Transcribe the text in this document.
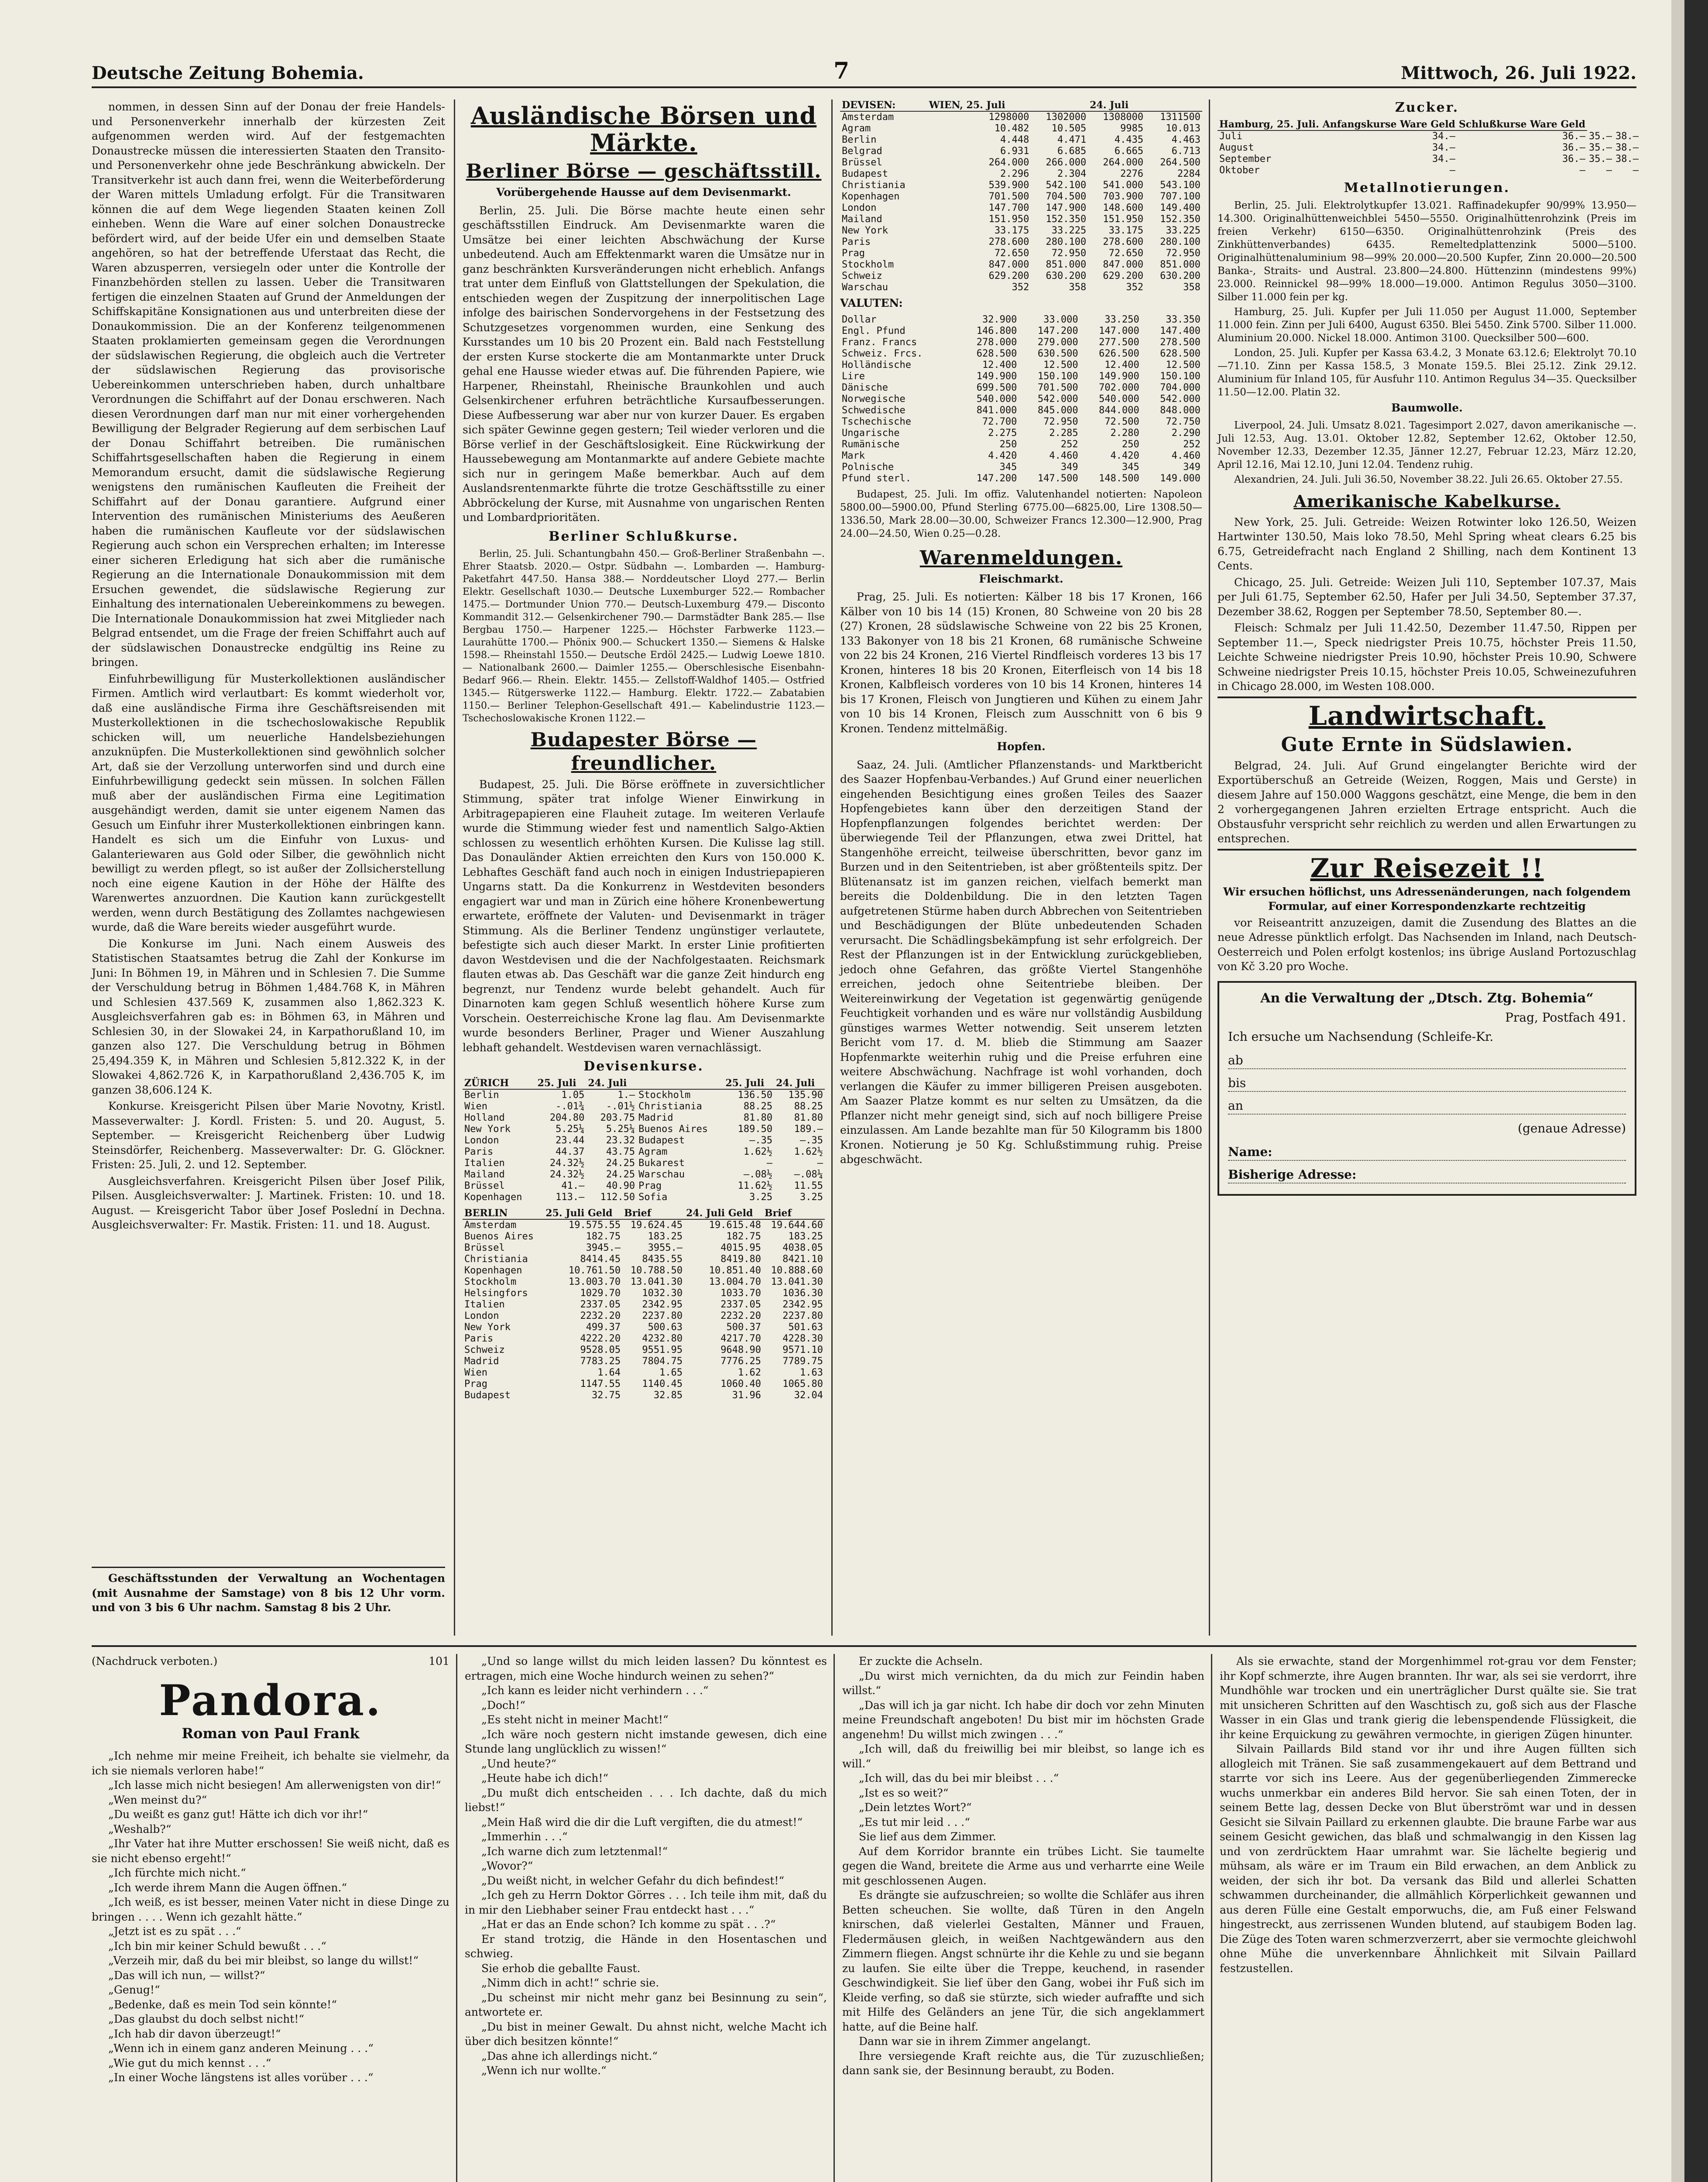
Deutsche Zeitung Bohemia.	7	Mittwoch, 26. Juli 1922.

nommen, in dessen Sinn auf der Donau der freie Handels- und Personenverkehr innerhalb der kürzesten Zeit aufgenommen werden wird. Auf der festgemachten Donaustrecke müssen die interessierten Staaten den Transito- und Personenverkehr ohne jede Beschränkung abwickeln. Der Transitverkehr ist auch dann frei, wenn die Weiterbeförderung der Waren mittels Umladung erfolgt. Für die Transitwaren können die auf dem Wege liegenden Staaten keinen Zoll einheben. Wenn die Ware auf einer solchen Donaustrecke befördert wird, auf der beide Ufer ein und demselben Staate angehören, so hat der betreffende Uferstaat das Recht, die Waren abzusperren, versiegeln oder unter die Kontrolle der Finanzbehörden stellen zu lassen. Ueber die Transitwaren fertigen die einzelnen Staaten auf Grund der Anmeldungen der Schiffskapitäne Konsignationen aus und unterbreiten diese der Donaukommission. Die an der Konferenz teilgenommenen Staaten proklamierten gemeinsam gegen die Verordnungen der südslawischen Regierung, die obgleich auch die Vertreter der südslawischen Regierung das provisorische Uebereinkommen unterschrieben haben, durch unhaltbare Verordnungen die Schiffahrt auf der Donau erschweren. Nach diesen Verordnungen darf man nur mit einer vorhergehenden Bewilligung der Belgrader Regierung auf dem serbischen Lauf der Donau Schiffahrt betreiben. Die rumänischen Schiffahrtsgesellschaften haben die Regierung in einem Memorandum ersucht, damit die südslawische Regierung wenigstens den rumänischen Kaufleuten die Freiheit der Schiffahrt auf der Donau garantiere. Aufgrund einer Intervention des rumänischen Ministeriums des Aeußeren haben die rumänischen Kaufleute vor der südslawischen Regierung auch schon ein Versprechen erhalten; im Interesse einer sicheren Erledigung hat sich aber die rumänische Regierung an die Internationale Donaukommission mit dem Ersuchen gewendet, die südslawische Regierung zur Einhaltung des internationalen Uebereinkommens zu bewegen. Die Internationale Donaukommission hat zwei Mitglieder nach Belgrad entsendet, um die Frage der freien Schiffahrt auch auf der südslawischen Donaustrecke endgültig ins Reine zu bringen.

Einfuhrbewilligung für Musterkollektionen ausländischer Firmen. Amtlich wird verlautbart: Es kommt wiederholt vor, daß eine ausländische Firma ihre Geschäftsreisenden mit Musterkollektionen in die tschechoslowakische Republik schicken will, um neuerliche Handelsbeziehungen anzuknüpfen. Die Musterkollektionen sind gewöhnlich solcher Art, daß sie der Verzollung unterworfen sind und durch eine Einfuhrbewilligung gedeckt sein müssen. In solchen Fällen muß aber der ausländischen Firma eine Legitimation ausgehändigt werden, damit sie unter eigenem Namen das Gesuch um Einfuhr ihrer Musterkollektionen einbringen kann. Handelt es sich um die Einfuhr von Luxus- und Galanteriewaren aus Gold oder Silber, die gewöhnlich nicht bewilligt zu werden pflegt, so ist außer der Zollsicherstellung noch eine eigene Kaution in der Höhe der Hälfte des Warenwertes anzuordnen. Die Kaution kann zurückgestellt werden, wenn durch Bestätigung des Zollamtes nachgewiesen wurde, daß die Ware bereits wieder ausgeführt wurde.

Die Konkurse im Juni. Nach einem Ausweis des Statistischen Staatsamtes betrug die Zahl der Konkurse im Juni: In Böhmen 19, in Mähren und in Schlesien 7. Die Summe der Verschuldung betrug in Böhmen 1,484.768 K, in Mähren und Schlesien 437.569 K, zusammen also 1,862.323 K. Ausgleichsverfahren gab es: in Böhmen 63, in Mähren und Schlesien 30, in der Slowakei 24, in Karpathorußland 10, im ganzen also 127. Die Verschuldung betrug in Böhmen 25,494.359 K, in Mähren und Schlesien 5,812.322 K, in der Slowakei 4,862.726 K, in Karpathorußland 2,436.705 K, im ganzen 38,606.124 K.

Konkurse. Kreisgericht Pilsen über Marie Novotny, Kristl. Masseverwalter: J. Kordl. Fristen: 5. und 20. August, 5. September. — Kreisgericht Reichenberg über Ludwig Steinsdörfer, Reichenberg. Masseverwalter: Dr. G. Glöckner. Fristen: 25. Juli, 2. und 12. September.

Ausgleichsverfahren. Kreisgericht Pilsen über Josef Pilik, Pilsen. Ausgleichsverwalter: J. Martinek. Fristen: 10. und 18. August. — Kreisgericht Tabor über Josef Poslední in Dechna. Ausgleichsverwalter: Fr. Mastik. Fristen: 11. und 18. August.

Geschäftsstunden der Verwaltung an Wochentagen (mit Ausnahme der Samstage) von 8 bis 12 Uhr vorm. und von 3 bis 6 Uhr nachm. Samstag 8 bis 2 Uhr.

Ausländische Börsen und Märkte.
Berliner Börse — geschäftsstill.
Vorübergehende Hausse auf dem Devisenmarkt.

Berlin, 25. Juli. Die Börse machte heute einen sehr geschäftsstillen Eindruck. Am Devisenmarkte waren die Umsätze bei einer leichten Abschwächung der Kurse unbedeutend. Auch am Effektenmarkt waren die Umsätze nur in ganz beschränkten Kursveränderungen nicht erheblich. Anfangs trat unter dem Einfluß von Glattstellungen der Spekulation, die entschieden wegen der Zuspitzung der innerpolitischen Lage infolge des bairischen Sondervorgehens in der Festsetzung des Schutzgesetzes vorgenommen wurden, eine Senkung des Kursstandes um 10 bis 20 Prozent ein. Bald nach Feststellung der ersten Kurse stockerte die am Montanmarkte unter Druck gehal ene Hausse wieder etwas auf. Die führenden Papiere, wie Harpener, Rheinstahl, Rheinische Braunkohlen und auch Gelsenkirchener erfuhren beträchtliche Kursaufbesserungen. Diese Aufbesserung war aber nur von kurzer Dauer. Es ergaben sich später Gewinne gegen gestern; Teil wieder verloren und die Börse verlief in der Geschäftslosigkeit. Eine Rückwirkung der Haussebewegung am Montanmarkte auf andere Gebiete machte sich nur in geringem Maße bemerkbar. Auch auf dem Auslandsrentenmarkte führte die trotze Geschäftsstille zu einer Abbröckelung der Kurse, mit Ausnahme von ungarischen Renten und Lombardprioritäten.

Berliner Schlußkurse.

Berlin, 25. Juli. Schantungbahn 450.— Groß-Berliner Straßenbahn —. Ehrer Staatsb. 2020.— Ostpr. Südbahn —. Lombarden —. Hamburg-Paketfahrt 447.50. Hansa 388.— Norddeutscher Lloyd 277.— Berlin Elektr. Gesellschaft 1030.— Deutsche Luxemburger 522.— Rombacher 1475.— Dortmunder Union 770.— Deutsch-Luxemburg 479.— Disconto Kommandit 312.— Gelsenkirchener 790.— Darmstädter Bank 285.— Ilse Bergbau 1750.— Harpener 1225.— Höchster Farbwerke 1123.— Laurahütte 1700.— Phönix 900.— Schuckert 1350.— Siemens & Halske 1598.— Rheinstahl 1550.— Deutsche Erdöl 2425.— Ludwig Loewe 1810.— Nationalbank 2600.— Daimler 1255.— Oberschlesische Eisenbahn-Bedarf 966.— Rhein. Elektr. 1455.— Zellstoff-Waldhof 1405.— Ostfried 1345.— Rütgerswerke 1122.— Hamburg. Elektr. 1722.— Zabatabien 1150.— Berliner Telephon-Gesellschaft 491.— Kabelindustrie 1123.— Tschechoslowakische Kronen 1122.—

Budapester Börse — freundlicher.

Budapest, 25. Juli. Die Börse eröffnete in zuversichtlicher Stimmung, später trat infolge Wiener Einwirkung in Arbitragepapieren eine Flauheit zutage. Im weiteren Verlaufe wurde die Stimmung wieder fest und namentlich Salgo-Aktien schlossen zu wesentlich erhöhten Kursen. Die Kulisse lag still. Das Donauländer Aktien erreichten den Kurs von 150.000 K. Lebhaftes Geschäft fand auch noch in einigen Industriepapieren Ungarns statt. Da die Konkurrenz in Westdeviten besonders engagiert war und man in Zürich eine höhere Kronenbewertung erwartete, eröffnete der Valuten- und Devisenmarkt in träger Stimmung. Als die Berliner Tendenz ungünstiger verlautete, befestigte sich auch dieser Markt. In erster Linie profitierten davon Westdevisen und die der Nachfolgestaaten. Reichsmark flauten etwas ab. Das Geschäft war die ganze Zeit hindurch eng begrenzt, nur Tendenz wurde belebt gehandelt. Auch für Dinarnoten kam gegen Schluß wesentlich höhere Kurse zum Vorschein. Oesterreichische Krone lag flau. Am Devisenmarkte wurde besonders Berliner, Prager und Wiener Auszahlung lebhaft gehandelt. Westdevisen waren vernachlässigt.

Devisenkurse.
ZÜRICH	25. Juli	24. Juli		25. Juli	24. Juli
Berlin	1.05	1.—	Stockholm	136.50	135.90
Wien	-.01¾	-.01½	Christiania	88.25	88.25
Holland	204.80	203.75	Madrid	81.80	81.80
New York	5.25¼	5.25¼	Buenos Aires	189.50	189.—
London	23.44	23.32	Budapest	—.35	—.35
Paris	44.37	43.75	Agram	1.62½	1.62½
Italien	24.32½	24.25	Bukarest	—	—
Mailand	24.32½	24.25	Warschau	—.08½	—.08¼
Brüssel	41.—	40.90	Prag	11.62½	11.55
Kopenhagen	113.—	112.50	Sofia	3.25	3.25
BERLIN	25. Juli Geld	Brief	24. Juli Geld	Brief
Amsterdam	19.575.55	19.624.45	19.615.48	19.644.60
Buenos Aires	182.75	183.25	182.75	183.25
Brüssel	3945.—	3955.—	4015.95	4038.05
Christiania	8414.45	8435.55	8419.80	8421.10
Kopenhagen	10.761.50	10.788.50	10.851.40	10.888.60
Stockholm	13.003.70	13.041.30	13.004.70	13.041.30
Helsingfors	1029.70	1032.30	1033.70	1036.30
Italien	2337.05	2342.95	2337.05	2342.95
London	2232.20	2237.80	2232.20	2237.80
New York	499.37	500.63	500.37	501.63
Paris	4222.20	4232.80	4217.70	4228.30
Schweiz	9528.05	9551.95	9648.90	9571.10
Madrid	7783.25	7804.75	7776.25	7789.75
Wien	1.64	1.65	1.62	1.63
Prag	1147.55	1140.45	1060.40	1065.80
Budapest	32.75	32.85	31.96	32.04
DEVISEN:	WIEN, 25. Juli		24. Juli	
Amsterdam	1298000	1302000	1308000	1311500
Agram	10.482	10.505	9985	10.013
Berlin	4.448	4.471	4.435	4.463
Belgrad	6.931	6.685	6.665	6.713
Brüssel	264.000	266.000	264.000	264.500
Budapest	2.296	2.304	2276	2284
Christiania	539.900	542.100	541.000	543.100
Kopenhagen	701.500	704.500	703.900	707.100
London	147.700	147.900	148.600	149.400
Mailand	151.950	152.350	151.950	152.350
New York	33.175	33.225	33.175	33.225
Paris	278.600	280.100	278.600	280.100
Prag	72.650	72.950	72.650	72.950
Stockholm	847.000	851.000	847.000	851.000
Schweiz	629.200	630.200	629.200	630.200
Warschau	352	358	352	358
VALUTEN:
Dollar	32.900	33.000	33.250	33.350
Engl. Pfund	146.800	147.200	147.000	147.400
Franz. Francs	278.000	279.000	277.500	278.500
Schweiz. Frcs.	628.500	630.500	626.500	628.500
Holländische	12.400	12.500	12.400	12.500
Lire	149.900	150.100	149.900	150.100
Dänische	699.500	701.500	702.000	704.000
Norwegische	540.000	542.000	540.000	542.000
Schwedische	841.000	845.000	844.000	848.000
Tschechische	72.700	72.950	72.500	72.750
Ungarische	2.275	2.285	2.280	2.290
Rumänische	250	252	250	252
Mark	4.420	4.460	4.420	4.460
Polnische	345	349	345	349
Pfund sterl.	147.200	147.500	148.500	149.000

Budapest, 25. Juli. Im offiz. Valutenhandel notierten: Napoleon 5800.00—5900.00, Pfund Sterling 6775.00—6825.00, Lire 1308.50—1336.50, Mark 28.00—30.00, Schweizer Francs 12.300—12.900, Prag 24.00—24.50, Wien 0.25—0.28.

Warenmeldungen.
Fleischmarkt.

Prag, 25. Juli. Es notierten: Kälber 18 bis 17 Kronen, 166 Kälber von 10 bis 14 (15) Kronen, 80 Schweine von 20 bis 28 (27) Kronen, 28 südslawische Schweine von 22 bis 25 Kronen, 133 Bakonyer von 18 bis 21 Kronen, 68 rumänische Schweine von 22 bis 24 Kronen, 216 Viertel Rindfleisch vorderes 13 bis 17 Kronen, hinteres 18 bis 20 Kronen, Eiterfleisch von 14 bis 18 Kronen, Kalbfleisch vorderes von 10 bis 14 Kronen, hinteres 14 bis 17 Kronen, Fleisch von Jungtieren und Kühen zu einem Jahr von 10 bis 14 Kronen, Fleisch zum Ausschnitt von 6 bis 9 Kronen. Tendenz mittelmäßig.

Hopfen.

Saaz, 24. Juli. (Amtlicher Pflanzenstands- und Marktbericht des Saazer Hopfenbau-Verbandes.) Auf Grund einer neuerlichen eingehenden Besichtigung eines großen Teiles des Saazer Hopfengebietes kann über den derzeitigen Stand der Hopfenpflanzungen folgendes berichtet werden: Der überwiegende Teil der Pflanzungen, etwa zwei Drittel, hat Stangenhöhe erreicht, teilweise überschritten, bevor ganz im Burzen und in den Seitentrieben, ist aber größtenteils spitz. Der Blütenansatz ist im ganzen reichen, vielfach bemerkt man bereits die Doldenbildung. Die in den letzten Tagen aufgetretenen Stürme haben durch Abbrechen von Seitentrieben und Beschädigungen der Blüte unbedeutenden Schaden verursacht. Die Schädlingsbekämpfung ist sehr erfolgreich. Der Rest der Pflanzungen ist in der Entwicklung zurückgeblieben, jedoch ohne Gefahren, das größte Viertel Stangenhöhe erreichen, jedoch ohne Seitentriebe bleiben. Der Weitereinwirkung der Vegetation ist gegenwärtig genügende Feuchtigkeit vorhanden und es wäre nur vollständig Ausbildung günstiges warmes Wetter notwendig. Seit unserem letzten Bericht vom 17. d. M. blieb die Stimmung am Saazer Hopfenmarkte weiterhin ruhig und die Preise erfuhren eine weitere Abschwächung. Nachfrage ist wohl vorhanden, doch verlangen die Käufer zu immer billigeren Preisen ausgeboten. Am Saazer Platze kommt es nur selten zu Umsätzen, da die Pflanzer nicht mehr geneigt sind, sich auf noch billigere Preise einzulassen. Am Lande bezahlte man für 50 Kilogramm bis 1800 Kronen. Notierung je 50 Kg. Schlußstimmung ruhig. Preise abgeschwächt.

Zucker.
Hamburg, 25. Juli.	Anfangskurse Ware Geld	Schlußkurse Ware Geld		
Juli	34.—	36.—	35.—	38.—
August	34.—	36.—	35.—	38.—
September	34.—	36.—	35.—	38.—
Oktober	—	—	—	—
Metallnotierungen.

Berlin, 25. Juli. Elektrolytkupfer 13.021. Raffinadekupfer 90/99% 13.950—14.300. Originalhüttenweichblei 5450—5550. Originalhüttenrohzink (Preis im freien Verkehr) 6150—6350. Originalhüttenrohzink (Preis des Zinkhüttenverbandes) 6435. Remeltedplattenzink 5000—5100. Originalhüttenaluminium 98—99% 20.000—20.500 Kupfer, Zinn 20.000—20.500 Banka-, Straits- und Austral. 23.800—24.800. Hüttenzinn (mindestens 99%) 23.000. Reinnickel 98—99% 18.000—19.000. Antimon Regulus 3050—3100. Silber 11.000 fein per kg.

Hamburg, 25. Juli. Kupfer per Juli 11.050 per August 11.000, September 11.000 fein. Zinn per Juli 6400, August 6350. Blei 5450. Zink 5700. Silber 11.000. Aluminium 20.000. Nickel 18.000. Antimon 3100. Quecksilber 500—600.

London, 25. Juli. Kupfer per Kassa 63.4.2, 3 Monate 63.12.6; Elektrolyt 70.10—71.10. Zinn per Kassa 158.5, 3 Monate 159.5. Blei 25.12. Zink 29.12. Aluminium für Inland 105, für Ausfuhr 110. Antimon Regulus 34—35. Quecksilber 11.50—12.00. Platin 32.

Baumwolle.

Liverpool, 24. Juli. Umsatz 8.021. Tagesimport 2.027, davon amerikanische —. Juli 12.53, Aug. 13.01. Oktober 12.82, September 12.62, Oktober 12.50, November 12.33, Dezember 12.35, Jänner 12.27, Februar 12.23, März 12.20, April 12.16, Mai 12.10, Juni 12.04. Tendenz ruhig.

Alexandrien, 24. Juli. Juli 36.50, November 38.22. Juli 26.65. Oktober 27.55.

Amerikanische Kabelkurse.

New York, 25. Juli. Getreide: Weizen Rotwinter loko 126.50, Weizen Hartwinter 130.50, Mais loko 78.50, Mehl Spring wheat clears 6.25 bis 6.75, Getreidefracht nach England 2 Shilling, nach dem Kontinent 13 Cents.

Chicago, 25. Juli. Getreide: Weizen Juli 110, September 107.37, Mais per Juli 61.75, September 62.50, Hafer per Juli 34.50, September 37.37, Dezember 38.62, Roggen per September 78.50, September 80.—.

Fleisch: Schmalz per Juli 11.42.50, Dezember 11.47.50, Rippen per September 11.—, Speck niedrigster Preis 10.75, höchster Preis 11.50, Leichte Schweine niedrigster Preis 10.90, höchster Preis 10.90, Schwere Schweine niedrigster Preis 10.15, höchster Preis 10.05, Schweinezufuhren in Chicago 28.000, im Westen 108.000.

Landwirtschaft.
Gute Ernte in Südslawien.

Belgrad, 24. Juli. Auf Grund eingelangter Berichte wird der Exportüberschuß an Getreide (Weizen, Roggen, Mais und Gerste) in diesem Jahre auf 150.000 Waggons geschätzt, eine Menge, die bem in den 2 vorhergegangenen Jahren erzielten Ertrage entspricht. Auch die Obstausfuhr verspricht sehr reichlich zu werden und allen Erwartungen zu entsprechen.

Zur Reisezeit !!

Wir ersuchen höflichst, uns Adressenänderungen, nach folgendem Formular, auf einer Korrespondenzkarte rechtzeitig

vor Reiseantritt anzuzeigen, damit die Zusendung des Blattes an die neue Adresse pünktlich erfolgt. Das Nachsenden im Inland, nach Deutsch-Oesterreich und Polen erfolgt kostenlos; ins übrige Ausland Portozuschlag von Kč 3.20 pro Woche.

An die Verwaltung der „Dtsch. Ztg. Bohemia“
Prag, Postfach 491.
Ich ersuche um Nachsendung (Schleife-Kr.
ab
bis
an
(genaue Adresse)
Name:
Bisherige Adresse:
(Nachdruck verboten.)	101
Pandora.
Roman von Paul Frank

„Ich nehme mir meine Freiheit, ich behalte sie vielmehr, da ich sie niemals verloren habe!“

„Ich lasse mich nicht besiegen! Am allerwenigsten von dir!“

„Wen meinst du?“

„Du weißt es ganz gut! Hätte ich dich vor ihr!“

„Weshalb?“

„Ihr Vater hat ihre Mutter erschossen! Sie weiß nicht, daß es sie nicht ebenso ergeht!“

„Ich fürchte mich nicht.“

„Ich werde ihrem Mann die Augen öffnen.“

„Ich weiß, es ist besser, meinen Vater nicht in diese Dinge zu bringen . . . . Wenn ich gezahlt hätte.“

„Jetzt ist es zu spät . . .“

„Ich bin mir keiner Schuld bewußt . . .“

„Verzeih mir, daß du bei mir bleibst, so lange du willst!“

„Das will ich nun, — willst?“

„Genug!“

„Bedenke, daß es mein Tod sein könnte!“

„Das glaubst du doch selbst nicht!“

„Ich hab dir davon überzeugt!“

„Wenn ich in einem ganz anderen Meinung . . .“

„Wie gut du mich kennst . . .“

„In einer Woche längstens ist alles vorüber . . .“

„Und so lange willst du mich leiden lassen? Du könntest es ertragen, mich eine Woche hindurch weinen zu sehen?“

„Ich kann es leider nicht verhindern . . .“

„Doch!“

„Es steht nicht in meiner Macht!“

„Ich wäre noch gestern nicht imstande gewesen, dich eine Stunde lang unglücklich zu wissen!“

„Und heute?“

„Heute habe ich dich!“

„Du mußt dich entscheiden . . . Ich dachte, daß du mich liebst!“

„Mein Haß wird die dir die Luft vergiften, die du atmest!“

„Immerhin . . .“

„Ich warne dich zum letztenmal!“

„Wovor?“

„Du weißt nicht, in welcher Gefahr du dich befindest!“

„Ich geh zu Herrn Doktor Görres . . . Ich teile ihm mit, daß du in mir den Liebhaber seiner Frau entdeckt hast . . .“

„Hat er das an Ende schon? Ich komme zu spät . . .?“

Er stand trotzig, die Hände in den Hosentaschen und schwieg.

Sie erhob die geballte Faust.

„Nimm dich in acht!“ schrie sie.

„Du scheinst mir nicht mehr ganz bei Besinnung zu sein“, antwortete er.

„Du bist in meiner Gewalt. Du ahnst nicht, welche Macht ich über dich besitzen könnte!“

„Das ahne ich allerdings nicht.“

„Wenn ich nur wollte.“

Er zuckte die Achseln.

„Du wirst mich vernichten, da du mich zur Feindin haben willst.“

„Das will ich ja gar nicht. Ich habe dir doch vor zehn Minuten meine Freundschaft angeboten! Du bist mir im höchsten Grade angenehm! Du willst mich zwingen . . .“

„Ich will, daß du freiwillig bei mir bleibst, so lange ich es will.“

„Ich will, das du bei mir bleibst . . .“

„Ist es so weit?“

„Dein letztes Wort?“

„Es tut mir leid . . .“

Sie lief aus dem Zimmer.

Auf dem Korridor brannte ein trübes Licht. Sie taumelte gegen die Wand, breitete die Arme aus und verharrte eine Weile mit geschlossenen Augen.

Es drängte sie aufzuschreien; so wollte die Schläfer aus ihren Betten scheuchen. Sie wollte, daß Türen in den Angeln knirschen, daß vielerlei Gestalten, Männer und Frauen, Fledermäusen gleich, in weißen Nachtgewändern aus den Zimmern fliegen. Angst schnürte ihr die Kehle zu und sie begann zu laufen. Sie eilte über die Treppe, keuchend, in rasender Geschwindigkeit. Sie lief über den Gang, wobei ihr Fuß sich im Kleide verfing, so daß sie stürzte, sich wieder aufraffte und sich mit Hilfe des Geländers an jene Tür, die sich angeklammert hatte, auf die Beine half.

Dann war sie in ihrem Zimmer angelangt.

Ihre versiegende Kraft reichte aus, die Tür zuzuschließen; dann sank sie, der Besinnung beraubt, zu Boden.

Als sie erwachte, stand der Morgenhimmel rot-grau vor dem Fenster; ihr Kopf schmerzte, ihre Augen brannten. Ihr war, als sei sie verdorrt, ihre Mundhöhle war trocken und ein unerträglicher Durst quälte sie. Sie trat mit unsicheren Schritten auf den Waschtisch zu, goß sich aus der Flasche Wasser in ein Glas und trank gierig die lebenspendende Flüssigkeit, die ihr keine Erquickung zu gewähren vermochte, in gierigen Zügen hinunter.

Silvain Paillards Bild stand vor ihr und ihre Augen füllten sich allogleich mit Tränen. Sie saß zusammengekauert auf dem Bettrand und starrte vor sich ins Leere. Aus der gegenüberliegenden Zimmerecke wuchs unmerkbar ein anderes Bild hervor. Sie sah einen Toten, der in seinem Bette lag, dessen Decke von Blut überströmt war und in dessen Gesicht sie Silvain Paillard zu erkennen glaubte. Die braune Farbe war aus seinem Gesicht gewichen, das blaß und schmalwangig in den Kissen lag und von zerdrücktem Haar umrahmt war. Sie lächelte begierig und mühsam, als wäre er im Traum ein Bild erwachen, an dem Anblick zu weiden, der sich ihr bot. Da versank das Bild und allerlei Schatten schwammen durcheinander, die allmählich Körperlichkeit gewannen und aus deren Fülle eine Gestalt emporwuchs, die, am Fuß einer Felswand hingestreckt, aus zerrissenen Wunden blutend, auf staubigem Boden lag. Die Züge des Toten waren schmerzverzerrt, aber sie vermochte gleichwohl ohne Mühe die unverkennbare Ähnlichkeit mit Silvain Paillard festzustellen.
